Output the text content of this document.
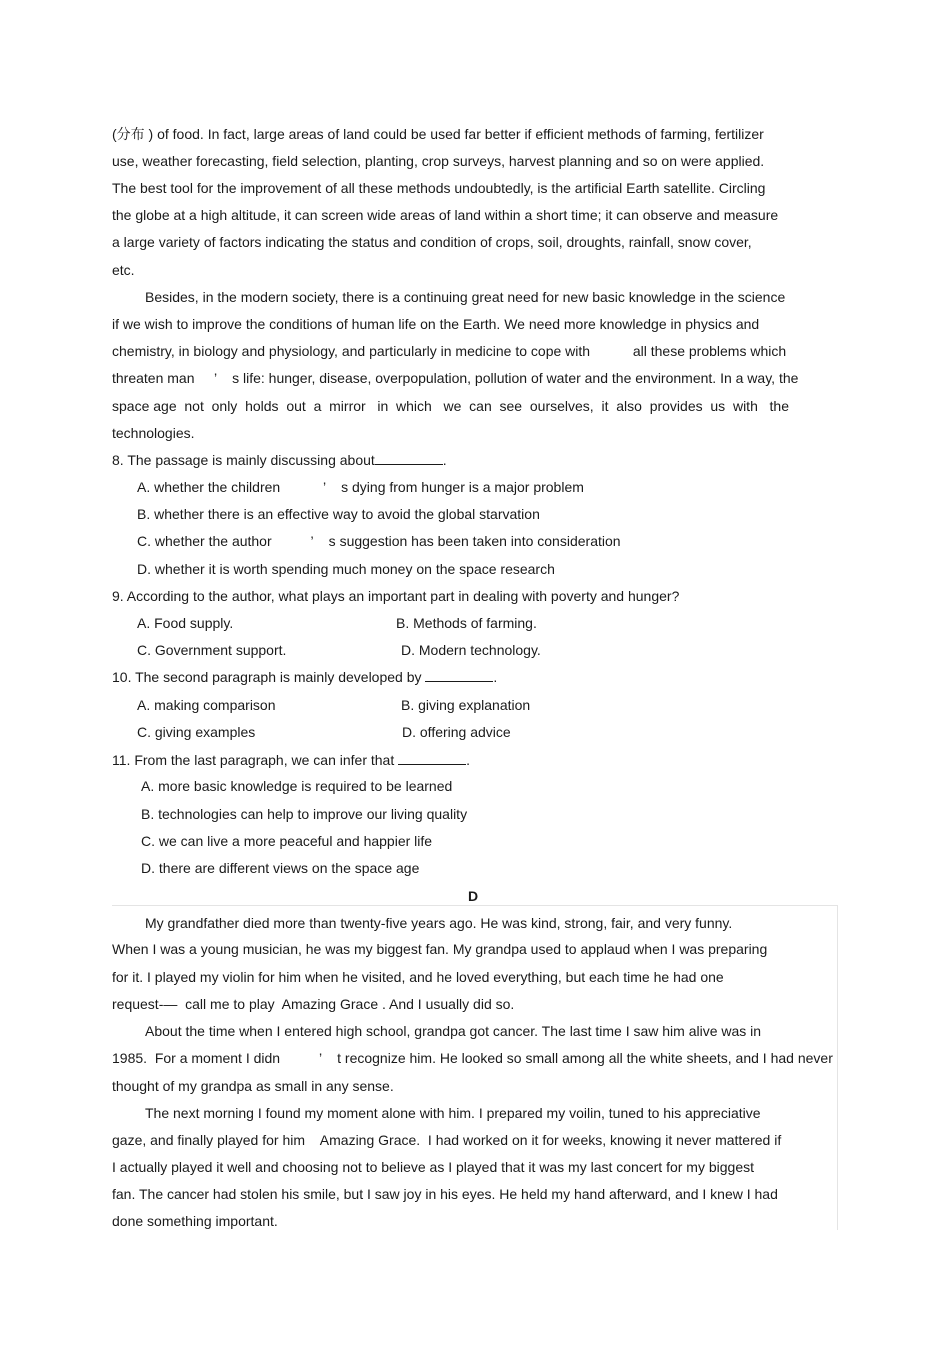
(分布 ) of food. In fact, large areas of land could be used far better if efficient methods of farming, fertilizer

use, weather forecasting, field selection, planting, crop surveys, harvest planning and so on were applied.

The best tool for the improvement of all these methods undoubtedly, is the artificial Earth satellite. Circling

the globe at a high altitude, it can screen wide areas of land within a short time; it can observe and measure

a large variety of factors indicating the status and condition of crops, soil, droughts, rainfall, snow cover,

etc.

Besides, in the modern society, there is a continuing great need for new basic knowledge in the science

if we wish to improve the conditions of human life on the Earth. We need more knowledge in physics and

chemistry, in biology and physiology, and particularly in medicine to cope with           all these problems which

threaten man     ’    s life: hunger, disease, overpopulation, pollution of water and the environment. In a way, the

space age  not  only  holds  out  a  mirror   in  which   we  can  see  ourselves,  it  also  provides  us  with   the

technologies.

8. The passage is mainly discussing about	.

A. whether the children           ’    s dying from hunger is a major problem

B. whether there is an effective way to avoid the global starvation

C. whether the author          ’    s suggestion has been taken into consideration

D. whether it is worth spending much money on the space research

9. According to the author, what plays an important part in dealing with poverty and hunger?

A. Food supply.	B. Methods of farming.

C. Government support.	D. Modern technology.

10. The second paragraph is mainly developed by	.

A. making comparison	B. giving explanation

C. giving examples	D. offering advice

11. From the last paragraph, we can infer that	.

A. more basic knowledge is required to be learned

B. technologies can help to improve our living quality

C. we can live a more peaceful and happier life

D. there are different views on the space age

D

My grandfather died more than twenty-five years ago. He was kind, strong, fair, and very funny.

When I was a young musician, he was my biggest fan. My grandpa used to applaud when I was preparing

for it. I played my violin for him when he visited, and he loved everything, but each time he had one

request-—  call me to play  Amazing Grace . And I usually did so.

About the time when I entered high school, grandpa got cancer. The last time I saw him alive was in

1985.  For a moment I didn          ’    t recognize him. He looked so small among all the white sheets, and I had never

thought of my grandpa as small in any sense.

The next morning I found my moment alone with him. I prepared my voilin, tuned to his appreciative

gaze, and finally played for him    Amazing Grace.  I had worked on it for weeks, knowing it never mattered if

I actually played it well and choosing not to believe as I played that it was my last concert for my biggest

fan. The cancer had stolen his smile, but I saw joy in his eyes. He held my hand afterward, and I knew I had

done something important.
